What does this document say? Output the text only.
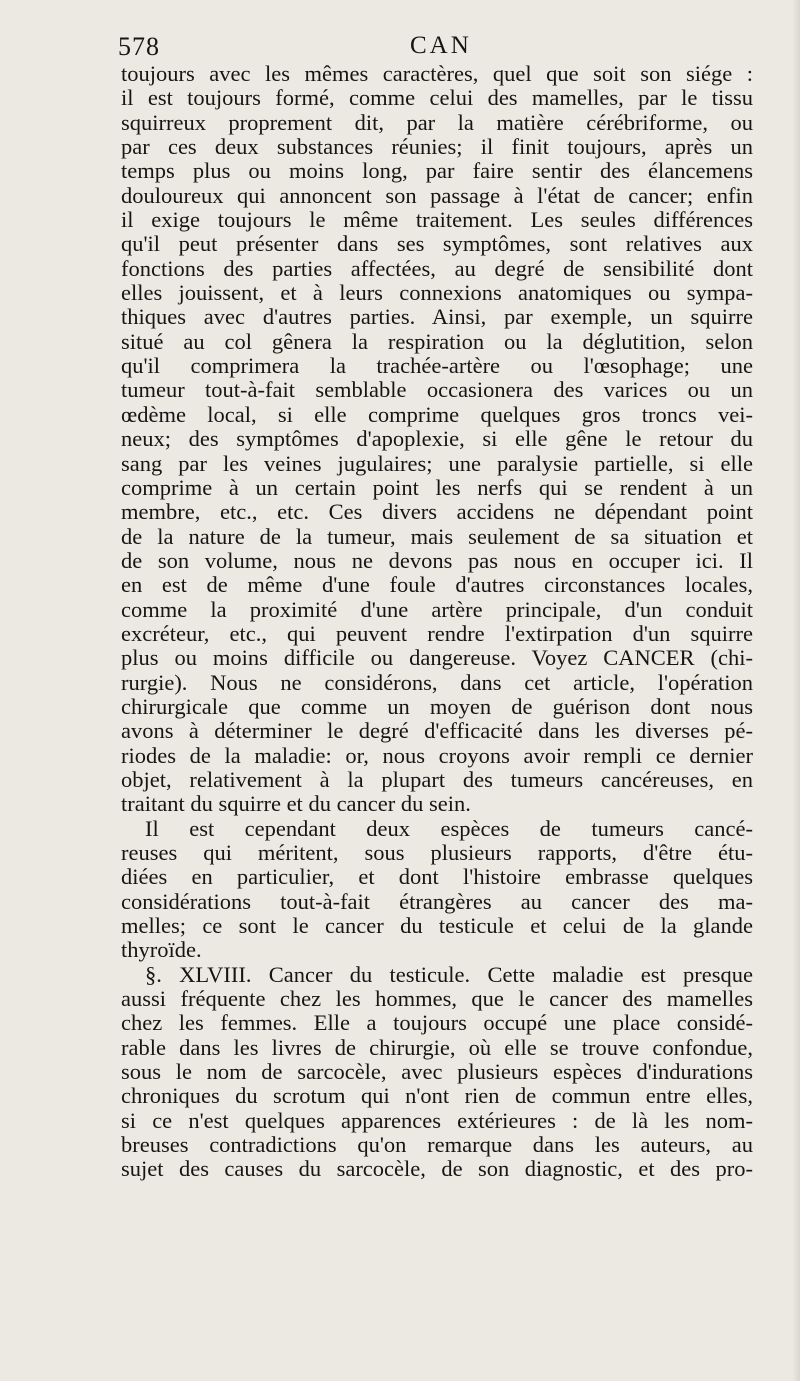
578	CAN
toujours avec les mêmes caractères, quel que soit son siége :
il est toujours formé, comme celui des mamelles, par le tissu
squirreux proprement dit, par la matière cérébriforme, ou
par ces deux substances réunies; il finit toujours, après un
temps plus ou moins long, par faire sentir des élancemens
douloureux qui annoncent son passage à l'état de cancer; enfin
il exige toujours le même traitement. Les seules différences
qu'il peut présenter dans ses symptômes, sont relatives aux
fonctions des parties affectées, au degré de sensibilité dont
elles jouissent, et à leurs connexions anatomiques ou sympa-
thiques avec d'autres parties. Ainsi, par exemple, un squirre
situé au col gênera la respiration ou la déglutition, selon
qu'il comprimera la trachée-artère ou l'œsophage; une
tumeur tout-à-fait semblable occasionera des varices ou un
œdème local, si elle comprime quelques gros troncs vei-
neux; des symptômes d'apoplexie, si elle gêne le retour du
sang par les veines jugulaires; une paralysie partielle, si elle
comprime à un certain point les nerfs qui se rendent à un
membre, etc., etc. Ces divers accidens ne dépendant point
de la nature de la tumeur, mais seulement de sa situation et
de son volume, nous ne devons pas nous en occuper ici. Il
en est de même d'une foule d'autres circonstances locales,
comme la proximité d'une artère principale, d'un conduit
excréteur, etc., qui peuvent rendre l'extirpation d'un squirre
plus ou moins difficile ou dangereuse. Voyez CANCER (chi-
rurgie). Nous ne considérons, dans cet article, l'opération
chirurgicale que comme un moyen de guérison dont nous
avons à déterminer le degré d'efficacité dans les diverses pé-
riodes de la maladie: or, nous croyons avoir rempli ce dernier
objet, relativement à la plupart des tumeurs cancéreuses, en
traitant du squirre et du cancer du sein.
Il est cependant deux espèces de tumeurs cancé-
reuses qui méritent, sous plusieurs rapports, d'être étu-
diées en particulier, et dont l'histoire embrasse quelques
considérations tout-à-fait étrangères au cancer des ma-
melles; ce sont le cancer du testicule et celui de la glande
thyroïde.
§. XLVIII. Cancer du testicule. Cette maladie est presque
aussi fréquente chez les hommes, que le cancer des mamelles
chez les femmes. Elle a toujours occupé une place considé-
rable dans les livres de chirurgie, où elle se trouve confondue,
sous le nom de sarcocèle, avec plusieurs espèces d'indurations
chroniques du scrotum qui n'ont rien de commun entre elles,
si ce n'est quelques apparences extérieures : de là les nom-
breuses contradictions qu'on remarque dans les auteurs, au
sujet des causes du sarcocèle, de son diagnostic, et des pro-
